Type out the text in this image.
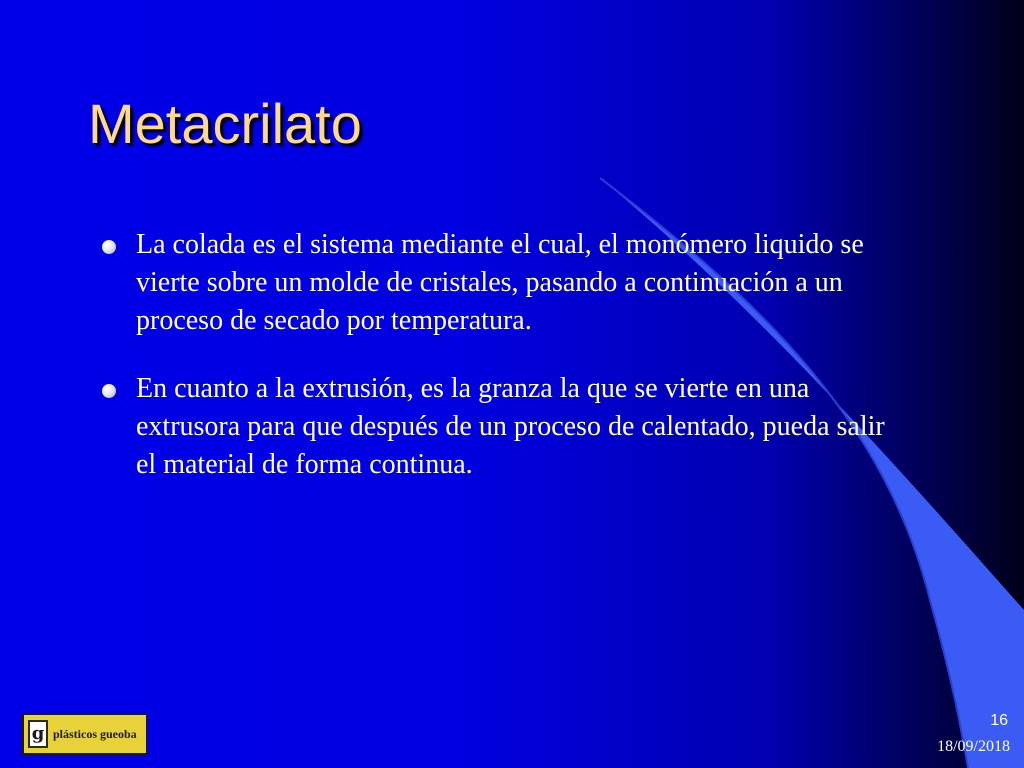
Metacrilato
La colada es el sistema mediante el cual, el monómero liquido se vierte sobre un molde de cristales, pasando a continuación a un proceso de secado por temperatura.
En cuanto a la extrusión, es la granza la que se vierte en una extrusora para que después de un proceso de calentado, pueda salir el material de forma continua.
g plásticos gueoba
16
18/09/2018
